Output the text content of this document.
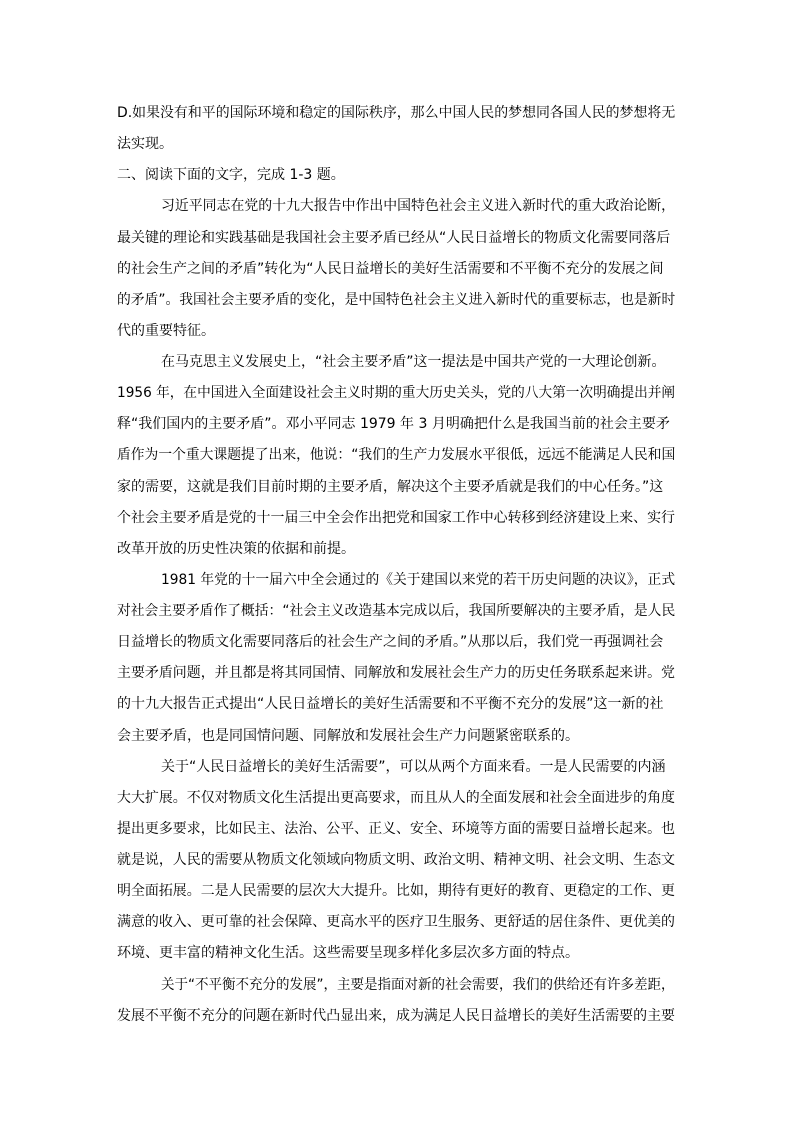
D.如果没有和平的国际环境和稳定的国际秩序，那么中国人民的梦想同各国人民的梦想将无
法实现。
二、阅读下面的文字，完成 1-3 题。
习近平同志在党的十九大报告中作出中国特色社会主义进入新时代的重大政治论断，
最关键的理论和实践基础是我国社会主要矛盾已经从“人民日益增长的物质文化需要同落后
的社会生产之间的矛盾”转化为“人民日益增长的美好生活需要和不平衡不充分的发展之间
的矛盾”。我国社会主要矛盾的变化，是中国特色社会主义进入新时代的重要标志，也是新时
代的重要特征。
在马克思主义发展史上，“社会主要矛盾”这一提法是中国共产党的一大理论创新。
1956 年，在中国进入全面建设社会主义时期的重大历史关头，党的八大第一次明确提出并阐
释“我们国内的主要矛盾”。邓小平同志 1979 年 3 月明确把什么是我国当前的社会主要矛
盾作为一个重大课题提了出来，他说：“我们的生产力发展水平很低，远远不能满足人民和国
家的需要，这就是我们目前时期的主要矛盾，解决这个主要矛盾就是我们的中心任务。”这
个社会主要矛盾是党的十一届三中全会作出把党和国家工作中心转移到经济建设上来、实行
改革开放的历史性决策的依据和前提。
1981 年党的十一届六中全会通过的《关于建国以来党的若干历史问题的决议》，正式
对社会主要矛盾作了概括：“社会主义改造基本完成以后，我国所要解决的主要矛盾，是人民
日益增长的物质文化需要同落后的社会生产之间的矛盾。”从那以后，我们党一再强调社会
主要矛盾问题，并且都是将其同国情、同解放和发展社会生产力的历史任务联系起来讲。党
的十九大报告正式提出“人民日益增长的美好生活需要和不平衡不充分的发展”这一新的社
会主要矛盾，也是同国情问题、同解放和发展社会生产力问题紧密联系的。
关于“人民日益增长的美好生活需要”，可以从两个方面来看。一是人民需要的内涵
大大扩展。不仅对物质文化生活提出更高要求，而且从人的全面发展和社会全面进步的角度
提出更多要求，比如民主、法治、公平、正义、安全、环境等方面的需要日益增长起来。也
就是说，人民的需要从物质文化领域向物质文明、政治文明、精神文明、社会文明、生态文
明全面拓展。二是人民需要的层次大大提升。比如，期待有更好的教育、更稳定的工作、更
满意的收入、更可靠的社会保障、更高水平的医疗卫生服务、更舒适的居住条件、更优美的
环境、更丰富的精神文化生活。这些需要呈现多样化多层次多方面的特点。
关于“不平衡不充分的发展”，主要是指面对新的社会需要，我们的供给还有许多差距，
发展不平衡不充分的问题在新时代凸显出来，成为满足人民日益增长的美好生活需要的主要
